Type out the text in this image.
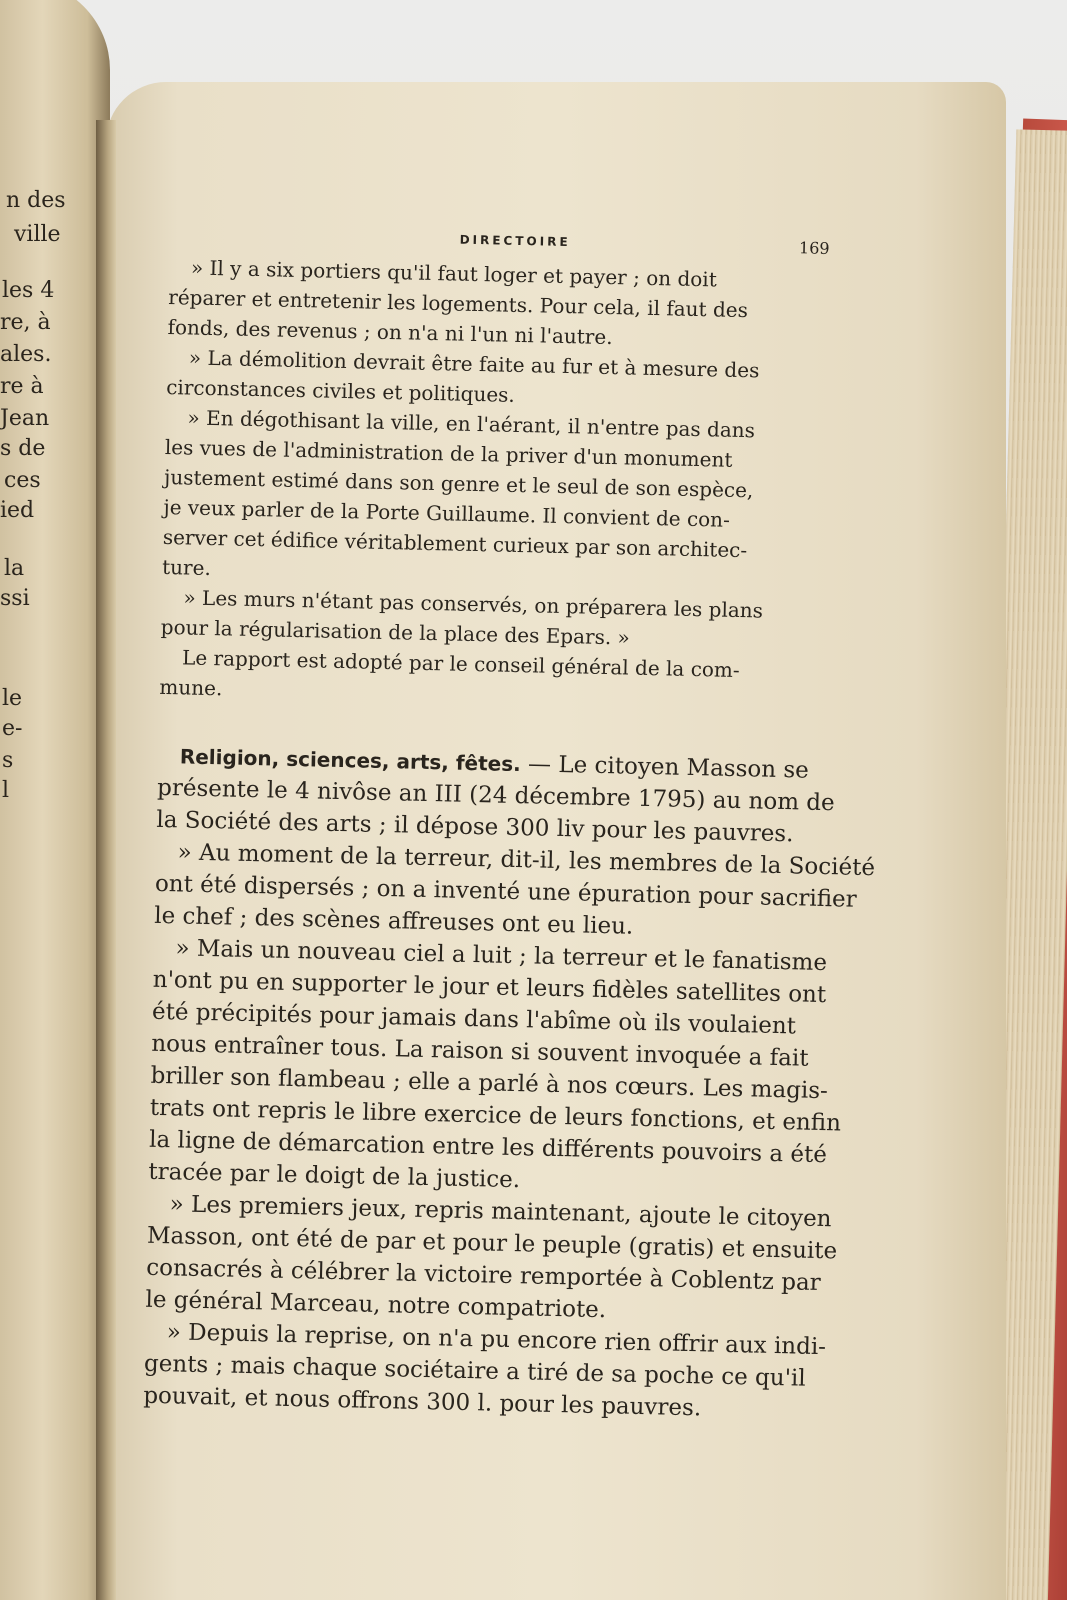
n des
ville
les 4
re, à
ales.
re à
Jean
s de
ces
ied
la
ssi
le
e-
s
l
DIRECTOIRE	169

» Il y a six portiers qu'il faut loger et payer ; on doit
réparer et entretenir les logements. Pour cela, il faut des
fonds, des revenus ; on n'a ni l'un ni l'autre.

» La démolition devrait être faite au fur et à mesure des
circonstances civiles et politiques.

» En dégothisant la ville, en l'aérant, il n'entre pas dans
les vues de l'administration de la priver d'un monument
justement estimé dans son genre et le seul de son espèce,
je veux parler de la Porte Guillaume. Il convient de con-
server cet édifice véritablement curieux par son architec-
ture.

» Les murs n'étant pas conservés, on préparera les plans
pour la régularisation de la place des Epars. »

Le rapport est adopté par le conseil général de la com-
mune.

Religion, sciences, arts, fêtes. — Le citoyen Masson se
présente le 4 nivôse an III (24 décembre 1795) au nom de
la Société des arts ; il dépose 300 liv pour les pauvres.

» Au moment de la terreur, dit-il, les membres de la Société
ont été dispersés ; on a inventé une épuration pour sacrifier
le chef ; des scènes affreuses ont eu lieu.

» Mais un nouveau ciel a luit ; la terreur et le fanatisme
n'ont pu en supporter le jour et leurs fidèles satellites ont
été précipités pour jamais dans l'abîme où ils voulaient
nous entraîner tous. La raison si souvent invoquée a fait
briller son flambeau ; elle a parlé à nos cœurs. Les magis-
trats ont repris le libre exercice de leurs fonctions, et enfin
la ligne de démarcation entre les différents pouvoirs a été
tracée par le doigt de la justice.

» Les premiers jeux, repris maintenant, ajoute le citoyen
Masson, ont été de par et pour le peuple (gratis) et ensuite
consacrés à célébrer la victoire remportée à Coblentz par
le général Marceau, notre compatriote.

» Depuis la reprise, on n'a pu encore rien offrir aux indi-
gents ; mais chaque sociétaire a tiré de sa poche ce qu'il
pouvait, et nous offrons 300 l. pour les pauvres.
